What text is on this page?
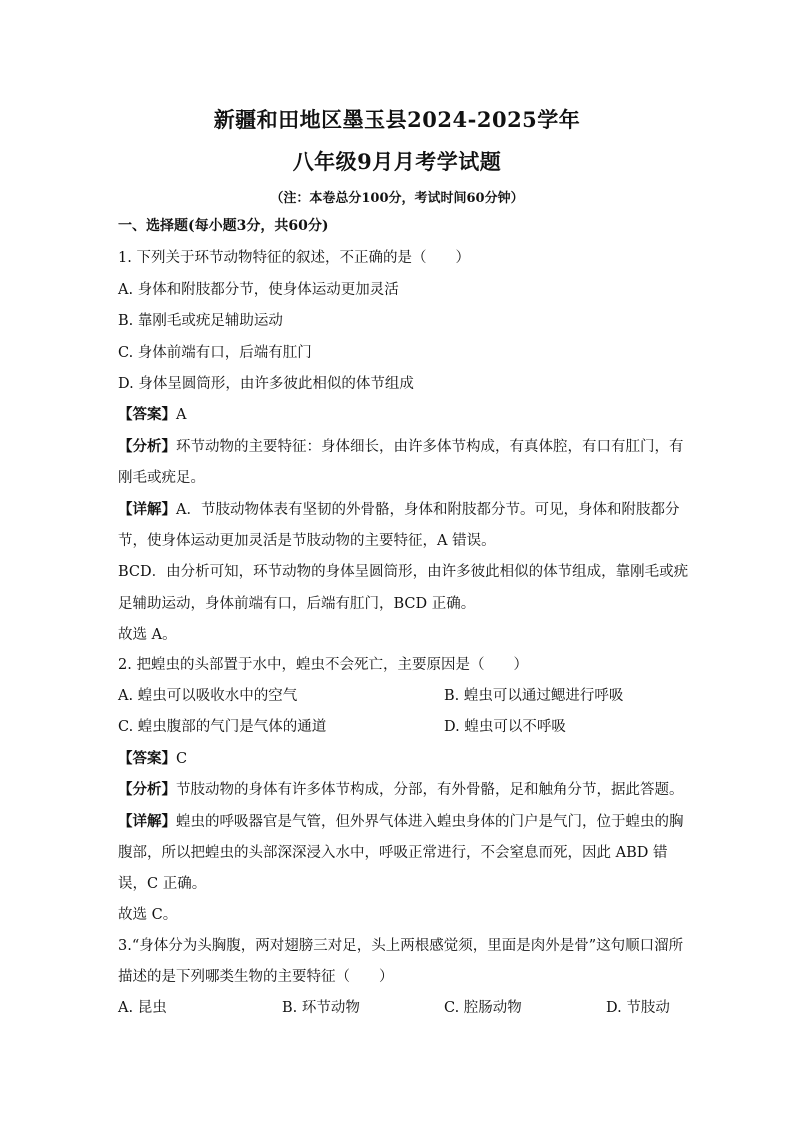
新疆和田地区墨玉县2024-2025学年
八年级9月月考学试题
（注：本卷总分100分，考试时间60分钟）
一、选择题(每小题3分，共60分)
1. 下列关于环节动物特征的叙述，不正确的是（　　）
A. 身体和附肢都分节，使身体运动更加灵活
B. 靠刚毛或疣足辅助运动
C. 身体前端有口，后端有肛门
D. 身体呈圆筒形，由许多彼此相似的体节组成
【答案】A
【分析】环节动物的主要特征：身体细长，由许多体节构成，有真体腔，有口有肛门，有
刚毛或疣足。
【详解】A．节肢动物体表有坚韧的外骨骼，身体和附肢都分节。可见，身体和附肢都分
节，使身体运动更加灵活是节肢动物的主要特征，A 错误。
BCD．由分析可知，环节动物的身体呈圆筒形，由许多彼此相似的体节组成，靠刚毛或疣
足辅助运动，身体前端有口，后端有肛门，BCD 正确。
故选 A。
2. 把蝗虫的头部置于水中，蝗虫不会死亡，主要原因是（　　）
A. 蝗虫可以吸收水中的空气	B. 蝗虫可以通过鳃进行呼吸
C. 蝗虫腹部的气门是气体的通道	D. 蝗虫可以不呼吸
【答案】C
【分析】节肢动物的身体有许多体节构成，分部，有外骨骼，足和触角分节，据此答题。
【详解】蝗虫的呼吸器官是气管，但外界气体进入蝗虫身体的门户是气门，位于蝗虫的胸
腹部，所以把蝗虫的头部深深浸入水中，呼吸正常进行，不会窒息而死，因此 ABD 错
误，C 正确。
故选 C。
3.“身体分为头胸腹，两对翅膀三对足，头上两根感觉须，里面是肉外是骨”这句顺口溜所
描述的是下列哪类生物的主要特征（　　）
A. 昆虫	B. 环节动物	C. 腔肠动物	D. 节肢动
